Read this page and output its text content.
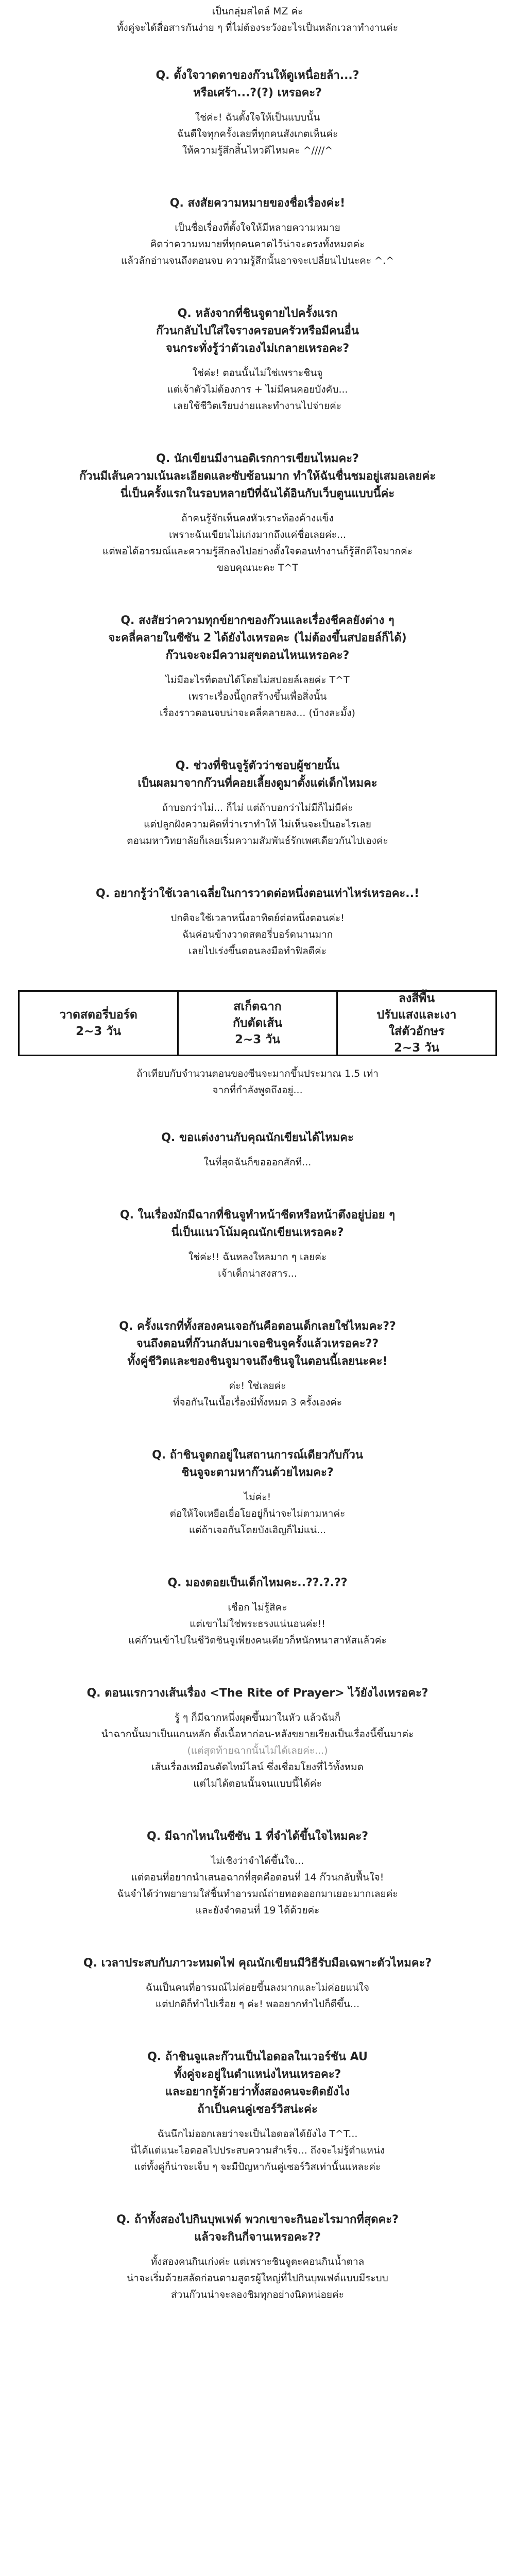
เป็นกลุ่มสไตล์ MZ ค่ะ

ทั้งคู่จะได้สื่อสารกันง่าย ๆ ที่ไม่ต้องระวังอะไรเป็นหลักเวลาทำงานค่ะ

Q. ตั้งใจวาดตาของก๊วนให้ดูเหนื่อยล้า...?
หรือเศร้า...?(?) เหรอคะ?

ใช่ค่ะ! ฉันตั้งใจให้เป็นแบบนั้น
ฉันดีใจทุกครั้งเลยที่ทุกคนสังเกตเห็นค่ะ
ให้ความรู้สึกสิ้นไหวดีไหมคะ ^////^

Q. สงสัยความหมายของชื่อเรื่องค่ะ!

เป็นชื่อเรื่องที่ตั้งใจให้มีหลายความหมาย
คิดว่าความหมายที่ทุกคนคาดไว้น่าจะตรงทั้งหมดค่ะ
แล้วลักอ่านจนถึงตอนจบ ความรู้สึกนั้นอาจจะเปลี่ยนไปนะคะ ^.^

Q. หลังจากที่ชินจูตายไปครั้งแรก
ก๊วนกลับไปใส่ใจรางครอบครัวหรือมีคนอื่น
จนกระทั่งรู้ว่าตัวเองไม่เกลายเหรอคะ?

ใช่ค่ะ! ตอนนั้นไม่ใช่เพราะชินจู
แต่เจ้าตัวไม่ต้องการ + ไม่มีคนคอยบังคับ...
เลยใช้ชีวิตเรียบง่ายและทำงานไปจ่ายค่ะ

Q. นักเขียนมีงานอดิเรกการเขียนไหมคะ?
ก๊วนมีเส้นความเน้นละเอียดและซับซ้อนมาก ทำให้ฉันชื่นชมอยู่เสมอเลยค่ะ
นี่เป็นครั้งแรกในรอบหลายปีที่ฉันได้อินกับเว็บตูนแบบนี้ค่ะ

ถ้าคนรู้จักเห็นคงหัวเราะท้องค้างแข็ง
เพราะฉันเขียนไม่เก่งมากถึงแค่ชื่อเลยค่ะ...
แต่พอได้อารมณ์และความรู้สึกลงไปอย่างตั้งใจตอนทำงานก็รู้สึกดีใจมากค่ะ
ขอบคุณนะคะ T^T

Q. สงสัยว่าความทุกข์ยากของก๊วนและเรื่องชีคลยังต่าง ๆ
จะคลี่คลายในซีซัน 2 ได้ยังไงเหรอคะ (ไม่ต้องขึ้นสปอยล์ก็ได้)
ก๊วนจะจะมีความสุขตอนไหนเหรอคะ?

ไม่มีอะไรที่ตอบได้โดยไม่สปอยล์เลยค่ะ T^T
เพราะเรื่องนี้ถูกสร้างขึ้นเพื่อสิ่งนั้น
เรื่องราวตอนจบน่าจะคลี่คลายลง... (บ้างละมั้ง)

Q. ช่วงที่ชินจูรู้ตัวว่าชอบผู้ชายนั้น
เป็นผลมาจากก๊วนที่คอยเลี้ยงดูมาตั้งแต่เด็กไหมคะ

ถ้าบอกว่าไม่... ก็ไม่ แต่ถ้าบอกว่าไม่มีก็ไม่มีค่ะ
แต่ปลูกฝังความคิดที่ว่าเราทำให้ ไม่เห็นจะเป็นอะไรเลย
ตอนมหาวิทยาลัยก็เลยเริ่มความสัมพันธ์รักเพศเดียวกันไปเองค่ะ

Q. อยากรู้ว่าใช้เวลาเฉลี่ยในการวาดต่อหนึ่งตอนเท่าไหร่เหรอคะ..!

ปกติจะใช้เวลาหนึ่งอาทิตย์ต่อหนึ่งตอนค่ะ!
ฉันค่อนข้างวาดสตอรี่บอร์ดนานมาก
เลยไปเร่งขึ้นตอนลงมือทำฟิลดีค่ะ

วาดสตอรี่บอร์ด
2~3 วัน
สเก็ตฉาก
กับตัดเส้น
2~3 วัน
ลงสีพื้น
ปรับแสงและเงา
ใส่ตัวอักษร
2~3 วัน
ถ้าเทียบกับจำนวนตอนของซีนจะมากขึ้นประมาณ 1.5 เท่า
จากที่กำลังพูดถึงอยู่...

Q. ขอแต่งงานกับคุณนักเขียนได้ไหมคะ

ในที่สุดฉันก็ขอออกสักที...

Q. ในเรื่องมักมีฉากที่ชินจูทำหน้าซีดหรือหน้าตึงอยู่บ่อย ๆ
นี่เป็นแนวโน้มคุณนักเขียนเหรอคะ?

ใช่ค่ะ!! ฉันหลงใหลมาก ๆ เลยค่ะ
เจ้าเด็กน่าสงสาร...

Q. ครั้งแรกที่ทั้งสองคนเจอกันคือตอนเด็กเลยใช่ไหมคะ??
จนถึงตอนที่ก๊วนกลับมาเจอชินจูครั้งแล้วเหรอคะ??
ทั้งคู่ชีวิตและของชินจูมาจนถึงชินจูในตอนนี้เลยนะคะ!

ค่ะ! ใช่เลยค่ะ
ที่จอกันในเนื้อเรื่องมีทั้งหมด 3 ครั้งเองค่ะ

Q. ถ้าชินจูตกอยู่ในสถานการณ์เดียวกับก๊วน
ชินจูจะตามหาก๊วนด้วยไหมคะ?

ไม่ค่ะ!
ต่อให้ใจเหยือเยื่อโยอยู่ก็น่าจะไม่ตามหาค่ะ
แต่ถ้าเจอกันโดยบังเอิญก็ไม่แน่...

Q. มองตอยเป็นเด็กไหมคะ..??.?.??

เชือก ไม่รู้สิคะ
แต่เขาไม่ใช่พระธรงแน่นอนค่ะ!!
แค่ก๊วนเข้าไปในชีวิตชินจูเพียงคนเดียวก็หนักหนาสาหัสแล้วค่ะ

Q. ตอนแรกวางเส้นเรื่อง <The Rite of Prayer> ไว้ยังไงเหรอคะ?

รู้ ๆ ก็มีฉากหนึ่งผุดขึ้นมาในหัว แล้วฉันก็
นำฉากนั้นมาเป็นแกนหลัก ตั้งเนื้อหาก่อน-หลังขยายเรียงเป็นเรื่องนี้ขึ้นมาค่ะ
(แต่สุดท้ายฉากนั้นไม่ได้เลยค่ะ...)
เส้นเรื่องเหมือนตัดไทม์ไลน์ ซึ่งเชื่อมโยงที่ไว้ทั้งหมด
แต่ไม่ได้ตอนนั้นจนแบบนี้ได้ค่ะ

Q. มีฉากไหนในซีซัน 1 ที่จำได้ขึ้นใจไหมคะ?

ไม่เชิงว่าจำได้ขึ้นใจ...
แต่ตอนที่อยากนำเสนอฉากที่สุดคือตอนที่ 14 ก๊วนกลับฟื้นใจ!
ฉันจำได้ว่าพยายามใส่ชิ้นทำอารมณ์ถ่ายทอดออกมาเยอะมากเลยค่ะ
และยังจำตอนที่ 19 ได้ด้วยค่ะ

Q. เวลาประสบกับภาวะหมดไฟ คุณนักเขียนมีวิธีรับมือเฉพาะตัวไหมคะ?

ฉันเป็นคนที่อารมณ์ไม่ค่อยขึ้นลงมากและไม่ค่อยแน่ใจ
แต่ปกติก็ทำไปเรื่อย ๆ ค่ะ! พออยากทำไปก็ดีขึ้น...

Q. ถ้าชินจูและก๊วนเป็นไอดอลในเวอร์ชัน AU
ทั้งคู่จะอยู่ในตำแหน่งไหนเหรอคะ?
และอยากรู้ด้วยว่าทั้งสองคนจะติดยังไง
ถ้าเป็นคนคู่เซอร์วิสน่ะค่ะ

ฉันนึกไม่ออกเลยว่าจะเป็นไอดอลได้ยังไง T^T...
นี่ได้แต่แนะไอดอลไปประสบความสำเร็จ... ถึงจะไม่รู้ตำแหน่ง
แต่ทั้งคู่ก็น่าจะเจ็บ ๆ จะมีปัญหากันคู่เซอร์วิสเท่านั้นแหละค่ะ

Q. ถ้าทั้งสองไปกินบุพเฟต์ พวกเขาจะกินอะไรมากที่สุดคะ?
แล้วจะกินกี่จานเหรอคะ??

ทั้งสองคนกินเก่งค่ะ แต่เพราะชินจูตะคอนกินน้ำตาล
น่าจะเริ่มด้วยสลัดก่อนตามสูตรผู้ใหญ่ที่ไปกินบุพเฟต์แบบมีระบบ
ส่วนก๊วนน่าจะลองชิมทุกอย่างนิดหน่อยค่ะ
